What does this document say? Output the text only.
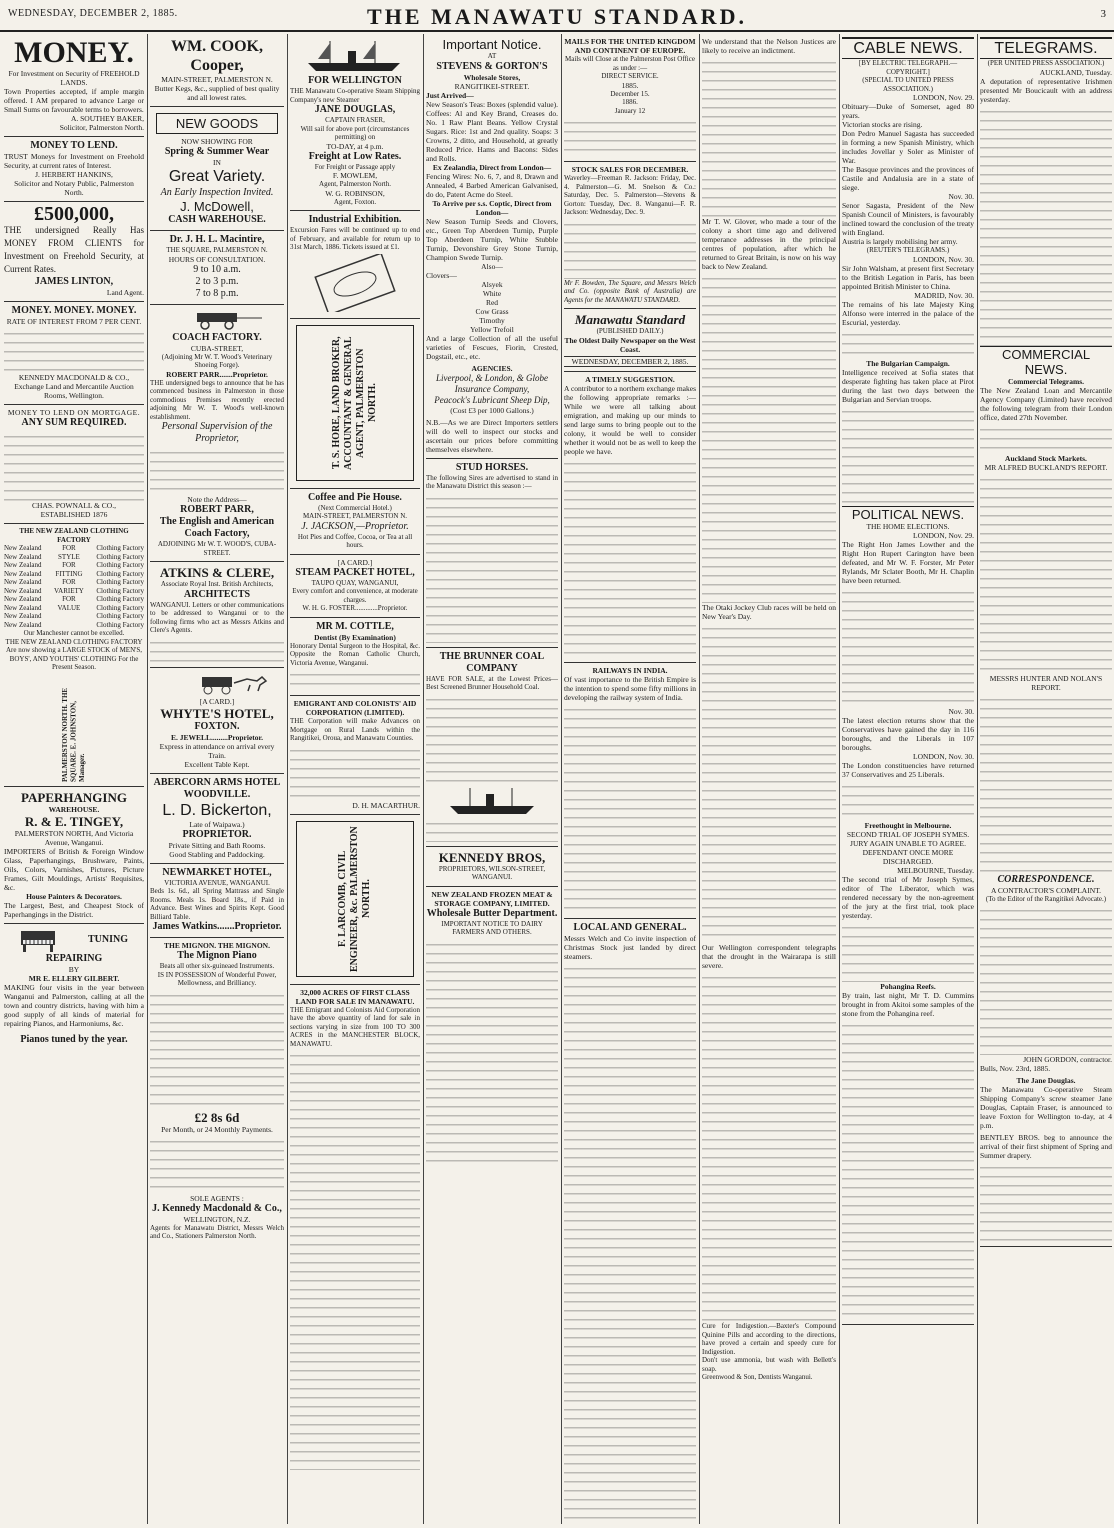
WEDNESDAY, DECEMBER 2, 1885.	THE MANAWATU STANDARD.	3
MONEY.
For Investment on Security of FREEHOLD LANDS.
Town Properties accepted, if ample margin offered. I AM prepared to advance Large or Small Sums on favourable terms to borrowers.
A. SOUTHEY BAKER,
Solicitor, Palmerston North.
MONEY TO LEND.
TRUST Moneys for Investment on Freehold Security, at current rates of Interest.
J. HERBERT HANKINS,
Solicitor and Notary Public, Palmerston North.
£500,000,
THE undersigned Really Has MONEY FROM CLIENTS for Investment on Freehold Security, at Current Rates.
JAMES LINTON,
Land Agent.
MONEY. MONEY. MONEY.
RATE OF INTEREST FROM 7 PER CENT.
KENNEDY MACDONALD & CO.,
Exchange Land and Mercantile Auction Rooms, Wellington.
MONEY TO LEND ON MORTGAGE.
ANY SUM REQUIRED.
CHAS. POWNALL & CO.,
ESTABLISHED 1876
THE NEW ZEALAND CLOTHING FACTORY
New Zealand
New Zealand
New Zealand
New Zealand
New Zealand
New Zealand
New Zealand
New Zealand
New Zealand
New Zealand
FOR
STYLE
FOR
FITTING
FOR
VARIETY
FOR
VALUE
Clothing Factory
Clothing Factory
Clothing Factory
Clothing Factory
Clothing Factory
Clothing Factory
Clothing Factory
Clothing Factory
Clothing Factory
Clothing Factory
Our Manchester cannot be excelled.
THE NEW ZEALAND CLOTHING FACTORY Are now showing a LARGE STOCK of MEN'S, BOYS', AND YOUTHS' CLOTHING For the Present Season.
PALMERSTON NORTH. THE SQUARE. E. JOHNSTON, Manager.
PAPERHANGING
WAREHOUSE.
R. & E. TINGEY,
PALMERSTON NORTH, And Victoria Avenue, Wanganui.
IMPORTERS of British & Foreign Window Glass, Paperhangings, Brushware, Paints, Oils, Colors, Varnishes, Pictures, Picture Frames, Gilt Mouldings, Artists' Requisites, &c.
House Painters & Decorators.
The Largest, Best, and Cheapest Stock of Paperhangings in the District.
TUNING
REPAIRING
BY
MR E. ELLERY GILBERT.
MAKING four visits in the year between Wanganui and Palmerston, calling at all the town and country districts, having with him a good supply of all kinds of material for repairing Pianos, and Harmoniums, &c.
Pianos tuned by the year.
WM. COOK,
Cooper,
MAIN-STREET, PALMERSTON N.
Butter Kegs, &c., supplied of best quality and all lowest rates.
NEW GOODS
NOW SHOWING FOR
Spring & Summer Wear
IN
Great Variety.
An Early Inspection Invited.
J. McDowell,
CASH WAREHOUSE.
Dr. J. H. L. Macintire,
THE SQUARE, PALMERSTON N.
HOURS OF CONSULTATION.
9 to 10 a.m.
2 to 3 p.m.
7 to 8 p.m.
COACH FACTORY.
CUBA-STREET,
(Adjoining Mr W. T. Wood's Veterinary Shoeing Forge).
ROBERT PARR.......Proprietor.
THE undersigned begs to announce that he has commenced business in Palmerston in those commodious Premises recently erected adjoining Mr W. T. Wood's well-known establishment.
Personal Supervision of the Proprietor,
Note the Address—
ROBERT PARR,
The English and American Coach Factory,
ADJOINING Mr W. T. WOOD'S, CUBA-STREET.
ATKINS & CLERE,
Associate Royal Inst. British Architects,
ARCHITECTS
WANGANUI. Letters or other communications to be addressed to Wanganui or to the following firms who act as Messrs Atkins and Clere's Agents.
[A CARD.]
WHYTE'S HOTEL,
FOXTON.
E. JEWELL.........Proprietor.
Express in attendance on arrival every Train.
Excellent Table Kept.
ABERCORN ARMS HOTEL
WOODVILLE.
L. D. Bickerton,
Late of Waipawa.)
PROPRIETOR.
Private Sitting and Bath Rooms.
Good Stabling and Paddocking.
NEWMARKET HOTEL,
VICTORIA AVENUE, WANGANUI.
Beds 1s. 6d., all Spring Mattrass and Single Rooms. Meals 1s. Board 18s., if Paid in Advance. Best Wines and Spirits Kept. Good Billiard Table.
James Watkins.......Proprietor.
THE MIGNON. THE MIGNON.
The Mignon Piano
Beats all other six-guineaed Instruments.
IS IN POSSESSION of Wonderful Power, Mellowness, and Brilliancy.
£2 8s 6d
Per Month, or 24 Monthly Payments.
SOLE AGENTS :
J. Kennedy Macdonald & Co.,
WELLINGTON, N.Z.
Agents for Manawatu District, Messrs Welch and Co., Stationers Palmerston North.
FOR WELLINGTON
THE Manawatu Co-operative Steam Shipping Company's new Steamer
JANE DOUGLAS,
CAPTAIN FRASER,
Will sail for above port (circumstances permitting) on
TO-DAY, at 4 p.m.
Freight at Low Rates.
For Freight or Passage apply
F. MOWLEM,
Agent, Palmerston North.
W. G. ROBINSON,
Agent, Foxton.
Industrial Exhibition.
Excursion Fares will be continued up to end of February, and available for return up to 31st March, 1886. Tickets issued at £1.
T. S. HORE, LAND BROKER, ACCOUNTANT & GENERAL AGENT, PALMERSTON NORTH.
Coffee and Pie House.
(Next Commercial Hotel.)
MAIN-STREET, PALMERSTON N.
J. JACKSON,—Proprietor.
Hot Pies and Coffee, Cocoa, or Tea at all hours.
[A CARD.]
STEAM PACKET HOTEL,
TAUPO QUAY, WANGANUI,
Every comfort and convenience, at moderate charges.
W. H. G. FOSTER.............Proprietor.
MR M. COTTLE,
Dentist (By Examination)
Honorary Dental Surgeon to the Hospital, &c. Opposite the Roman Catholic Church, Victoria Avenue, Wanganui.
EMIGRANT AND COLONISTS' AID CORPORATION (LIMITED).
THE Corporation will make Advances on Mortgage on Rural Lands within the Rangitikei, Oroua, and Manawatu Counties.
D. H. MACARTHUR.
F. LARCOMB, CIVIL ENGINEER, &c. PALMERSTON NORTH.
32,000 ACRES OF FIRST CLASS LAND FOR SALE IN MANAWATU.
THE Emigrant and Colonists Aid Corporation have the above quantity of land for sale in sections varying in size from 100 TO 300 ACRES in the MANCHESTER BLOCK, MANAWATU.
Important Notice.
AT
STEVENS & GORTON'S
Wholesale Stores,
RANGITIKEI-STREET.
Just Arrived—
New Season's Teas: Boxes (splendid value). Coffees: Al and Key Brand, Creases do. No. 1 Raw Plant Beans. Yellow Crystal Sugars. Rice: 1st and 2nd quality. Soaps: 3 Crowns, 2 ditto, and Household, at greatly Reduced Price. Hams and Bacons: Sides and Rolls.
Ex Zealandia, Direct from London—
Fencing Wires: No. 6, 7, and 8, Drawn and Annealed, 4 Barbed American Galvanised, do do, Patent Acme do Steel.
To Arrive per s.s. Coptic, Direct from London—
New Season Turnip Seeds and Clovers, etc., Green Top Aberdeen Turnip, Purple Top Aberdeen Turnip, White Stubble Turnip, Devonshire Grey Stone Turnip, Champion Swede Turnip.
Also—
Clovers—
Alsyek
White
Red
Cow Grass
Timothy
Yellow Trefoil
And a large Collection of all the useful varieties of Fescues, Fiorin, Crested, Dogstail, etc., etc.
AGENCIES.
Liverpool, & London, & Globe Insurance Company,
Peacock's Lubricant Sheep Dip,
(Cost £3 per 1000 Gallons.)
N.B.—As we are Direct Importers settlers will do well to inspect our stocks and ascertain our prices before committing themselves elsewhere.
STUD HORSES.
The following Sires are advertised to stand in the Manawatu District this season :—
THE BRUNNER COAL COMPANY
HAVE FOR SALE, at the Lowest Prices—Best Screened Brunner Household Coal.
KENNEDY BROS,
PROPRIETORS, WILSON-STREET, WANGANUI.
NEW ZEALAND FROZEN MEAT & STORAGE COMPANY, LIMITED.
Wholesale Butter Department.
IMPORTANT NOTICE TO DAIRY FARMERS AND OTHERS.
MAILS FOR THE UNITED KINGDOM AND CONTINENT OF EUROPE.
Mails will Close at the Palmerston Post Office as under :—
DIRECT SERVICE.
1885.
December 15.
1886.
January 12
STOCK SALES FOR DECEMBER.
Waverley—Freeman R. Jackson: Friday, Dec. 4. Palmerston—G. M. Snelson & Co.: Saturday, Dec. 5. Palmerston—Stevens & Gorton: Tuesday, Dec. 8. Wanganui—F. R. Jackson: Wednesday, Dec. 9.
Mr F. Bowden, The Square, and Messrs Welch and Co. (opposite Bank of Australia) are Agents for the MANAWATU STANDARD.
Manawatu Standard
(PUBLISHED DAILY.)
The Oldest Daily Newspaper on the West Coast.
WEDNESDAY, DECEMBER 2, 1885.
A TIMELY SUGGESTION.
A contributor to a northern exchange makes the following appropriate remarks :—While we were all talking about emigration, and making up our minds to send large sums to bring people out to the colony, it would be well to consider whether it would not be as well to keep the people we have.
RAILWAYS IN INDIA.
Of vast importance to the British Empire is the intention to spend some fifty millions in developing the railway system of India.
LOCAL AND GENERAL.
Messrs Welch and Co invite inspection of Christmas Stock just landed by direct steamers.
We understand that the Nelson Justices are likely to receive an indictment.
Mr T. W. Glover, who made a tour of the colony a short time ago and delivered temperance addresses in the principal centres of population, after which he returned to Great Britain, is now on his way back to New Zealand.
The Otaki Jockey Club races will be held on New Year's Day.
Our Wellington correspondent telegraphs that the drought in the Wairarapa is still severe.
Cure for Indigestion.—Baxter's Compound Quinine Pills and according to the directions, have proved a certain and speedy cure for Indigestion.
Don't use ammonia, but wash with Bellett's soap.
Greenwood & Son, Dentists Wanganui.
CABLE NEWS.
[BY ELECTRIC TELEGRAPH.—COPYRIGHT.]
(SPECIAL TO UNITED PRESS ASSOCIATION.)
LONDON, Nov. 29.
Obituary—Duke of Somerset, aged 80 years.
Victorian stocks are rising.
Don Pedro Manuel Sagasta has succeeded in forming a new Spanish Ministry, which includes Jovellar y Soler as Minister of War.
The Basque provinces and the provinces of Castile and Andalusia are in a state of siege.
Nov. 30.
Senor Sagasta, President of the New Spanish Council of Ministers, is favourably inclined toward the conclusion of the treaty with England.
Austria is largely mobilising her army.
(REUTER'S TELEGRAMS.)
LONDON, Nov. 30.
Sir John Walsham, at present first Secretary to the British Legation in Paris, has been appointed British Minister to China.
MADRID, Nov. 30.
The remains of his late Majesty King Alfonso were interred in the palace of the Escurial, yesterday.
The Bulgarian Campaign.
Intelligence received at Sofia states that desperate fighting has taken place at Pirot during the last two days between the Bulgarian and Servian troops.
POLITICAL NEWS.
THE HOME ELECTIONS.
LONDON, Nov. 29.
The Right Hon James Lowther and the Right Hon Rupert Carington have been defeated, and Mr W. F. Forster, Mr Peter Rylands, Mr Sclater Booth, Mr H. Chaplin have been returned.
Nov. 30.
The latest election returns show that the Conservatives have gained the day in 116 boroughs, and the Liberals in 107 boroughs.
LONDON, Nov. 30.
The London constituencies have returned 37 Conservatives and 25 Liberals.
Freethought in Melbourne.
SECOND TRIAL OF JOSEPH SYMES.
JURY AGAIN UNABLE TO AGREE.
DEFENDANT ONCE MORE DISCHARGED.
MELBOURNE, Tuesday.
The second trial of Mr Joseph Symes, editor of The Liberator, which was rendered necessary by the non-agreement of the jury at the first trial, took place yesterday.
Pohangina Reefs.
By train, last night, Mr T. D. Cummins brought in from Akitoi some samples of the stone from the Pohangina reef.
TELEGRAMS.
(PER UNITED PRESS ASSOCIATION.)
AUCKLAND, Tuesday.
A deputation of representative Irishmen presented Mr Boucicault with an address yesterday.
COMMERCIAL NEWS.
Commercial Telegrams.
The New Zealand Loan and Mercantile Agency Company (Limited) have received the following telegram from their London office, dated 27th November.
Auckland Stock Markets.
MR ALFRED BUCKLAND'S REPORT.
MESSRS HUNTER AND NOLAN'S REPORT.
CORRESPONDENCE.
A CONTRACTOR'S COMPLAINT.
(To the Editor of the Rangitikei Advocate.)
JOHN GORDON, contractor.
Bulls, Nov. 23rd, 1885.
The Jane Douglas.
The Manawatu Co-operative Steam Shipping Company's screw steamer Jane Douglas, Captain Fraser, is announced to leave Foxton for Wellington to-day, at 4 p.m.
BENTLEY BROS. beg to announce the arrival of their first shipment of Spring and Summer drapery.
